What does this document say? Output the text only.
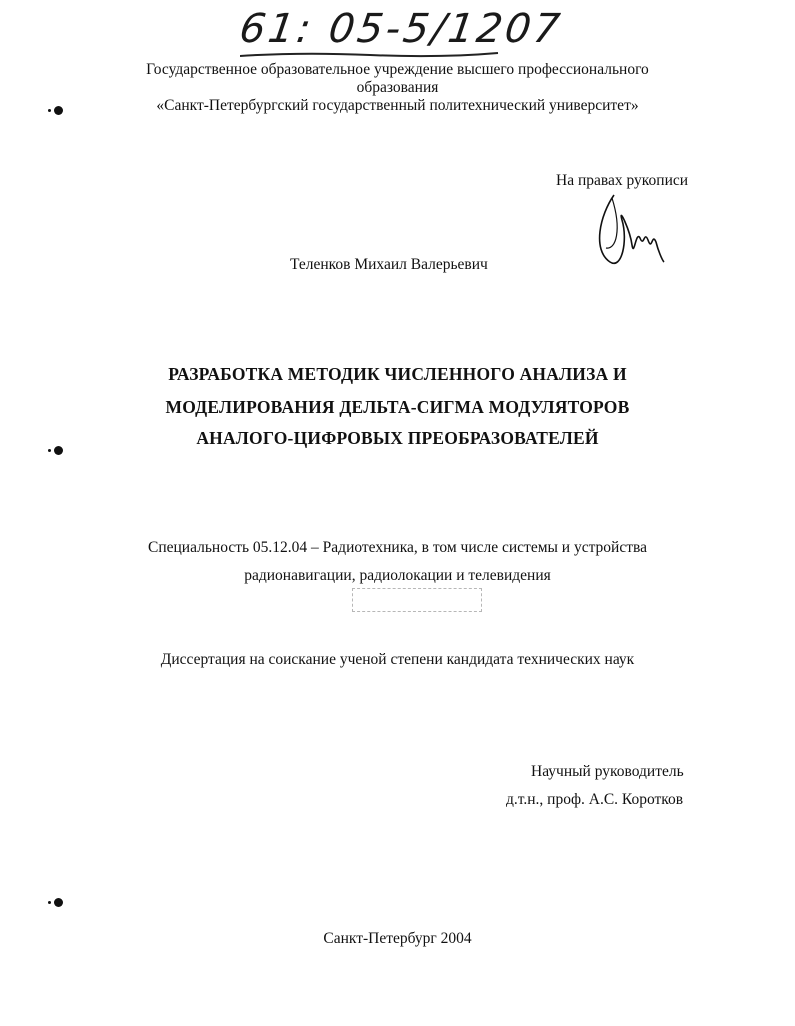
61: 05-5/1207
Государственное образовательное учреждение высшего профессионального
образования
«Санкт-Петербургский государственный политехнический университет»
На правах рукописи
Теленков Михаил Валерьевич
РАЗРАБОТКА МЕТОДИК ЧИСЛЕННОГО АНАЛИЗА И
МОДЕЛИРОВАНИЯ ДЕЛЬТА-СИГМА МОДУЛЯТОРОВ
АНАЛОГО-ЦИФРОВЫХ ПРЕОБРАЗОВАТЕЛЕЙ
Специальность 05.12.04 – Радиотехника, в том числе системы и устройства
радионавигации, радиолокации и телевидения
Диссертация на соискание ученой степени кандидата технических наук
Научный руководитель
д.т.н., проф. А.С. Коротков
Санкт-Петербург 2004
